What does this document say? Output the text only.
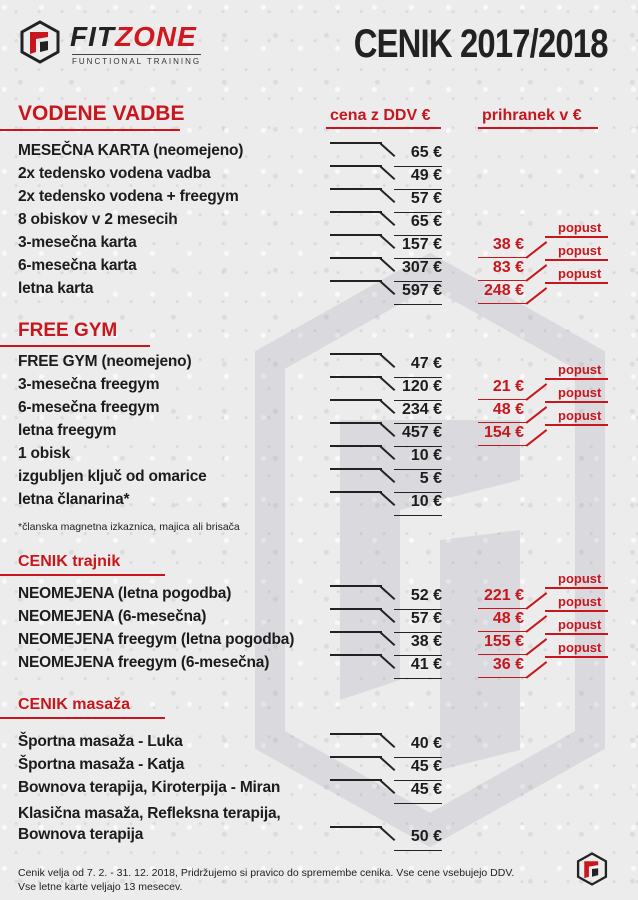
FITZONE
FUNCTIONAL TRAINING	CENIK 2017/2018
VODENE VADBE	cena z DDV €	prihranek v €
FREE GYM
CENIK trajnik
CENIK masaža
MESEČNA KARTA (neomejeno)	65 €
2x tedensko vodena vadba	49 €
2x tedensko vodena + freegym	57 €
8 obiskov v 2 mesecih	65 €
3-mesečna karta	157 €	38 €
popust
6-mesečna karta	307 €	83 €
popust
letna karta	597 €	248 €
popust
FREE GYM (neomejeno)	47 €
3-mesečna freegym	120 €	21 €
popust
6-mesečna freegym	234 €	48 €
popust
letna freegym	457 €	154 €
popust
1 obisk	10 €
izgubljen ključ od omarice	5 €
letna članarina*	10 €
NEOMEJENA (letna pogodba)	52 €	221 €
popust
NEOMEJENA (6-mesečna)	57 €	48 €
popust
NEOMEJENA freegym (letna pogodba)	38 €	155 €
popust
NEOMEJENA freegym (6-mesečna)	41 €	36 €
popust
Športna masaža - Luka	40 €
Športna masaža - Katja	45 €
Bownova terapija, Kiroterpija - Miran	45 €
Klasična masaža, Refleksna terapija,
Bownova terapija	50 €
*članska magnetna izkaznica, majica ali brisača
Cenik velja od 7. 2. - 31. 12. 2018, Pridržujemo si pravico do spremembe cenika. Vse cene vsebujejo DDV.
Vse letne karte veljajo 13 mesecev.
